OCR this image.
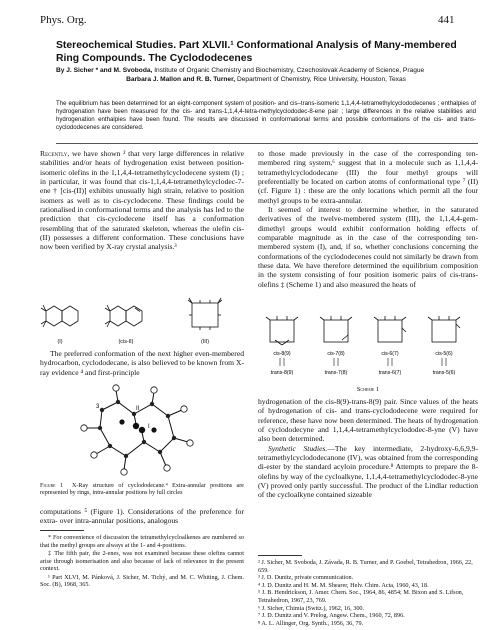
Phys. Org.	441
Stereochemical Studies. Part XLVII.¹ Conformational Analysis of Many-membered Ring Compounds. The Cyclododecenes
By J. Sicher * and M. Svoboda, Institute of Organic Chemistry and Biochemistry, Czechoslovak Academy of Science, Prague
Barbara J. Mallon and R. B. Turner, Department of Chemistry, Rice University, Houston, Texas
The equilibrium has been determined for an eight-component system of position- and cis–trans-isomeric 1,1,4,4-tetramethylcyclododecenes ; enthalpies of hydrogenation have been measured for the cis- and trans-1,1,4,4-tetra-methylcyclododec-8-ene pair ; large differences in the relative stabilities and hydrogenation enthalpies have been found. The results are discussed in conformational terms and possible conformations of the cis- and trans-cyclododecenes are considered.

Recently, we have shown ² that very large differences in relative stabilities and/or heats of hydrogenation exist between position-isomeric olefins in the 1,1,4,4-tetramethylcyclodecene system (I) ; in particular, it was found that cis-1,1,4,4-tetramethylcyclodec-7-ene † [cis-(II)] exhibits unusually high strain, relative to position isomers as well as to cis-cyclodecene. These findings could be rationalised in conformational terms and the analysis has led to the prediction that cis-cyclodecene itself has a conformation resembling that of the saturated skeleton, whereas the olefin cis-(II) possesses a different conformation. These conclusions have now been verified by X-ray crystal analysis.³

(I)	(cis-II)	(III)

The preferred conformation of the next higher even-membered hydrocarbon, cyclododecane, is also believed to be known from X-ray evidence ⁴ and first-principle

3	II
I
Figure 1 X-Ray structure of cyclododecane.⁴ Extra-annular positions are represented by rings, intra-annular positions by full circles

computations ⁵ (Figure 1). Considerations of the preference for extra- over intra-annular positions, analogous

* For convenience of discussion the tetramethylcycloalkenes are numbered so that the methyl groups are always at the 1- and 4-positions.

‡ The fifth pair, the 2-enes, was not examined because these olefins cannot arise through isomerisation and also because of lack of relevance in the present context.

¹ Part XLVI, M. Pánková, J. Sicher, M. Tichý, and M. C. Whiting, J. Chem. Soc. (B), 1968, 365.

to those made previously in the case of the corresponding ten-membered ring system,⁶ suggest that in a molecule such as 1,1,4,4-tetramethylcyclododecane (III) the four methyl groups will preferentially be located on carbon atoms of conformational type ⁷ (II) (cf. Figure 1) : these are the only locations which permit all the four methyl groups to be extra-annular.

It seemed of interest to determine whether, in the saturated derivatives of the twelve-membered system (III), the 1,1,4,4-gem-dimethyl groups would exhibit conformation holding effects of comparable magnitude as in the case of the corresponding ten-membered system (I), and, if so, whether conclusions concerning the conformations of the cyclododecenes could not similarly be drawn from these data. We have therefore determined the equilibrium composition in the system consisting of four position isomeric pairs of cis-trans-olefins ‡ (Scheme 1) and also measured the heats of

cis-8(9)	cis-7(8)	cis-6(7)	cis-5(6)
trans-8(9)	trans-7(8)	trans-6(7)	trans-5(6)
Scheme 1

hydrogenation of the cis-8(9)-trans-8(9) pair. Since values of the heats of hydrogenation of cis- and trans-cyclododecene were required for reference, these have now been determined. The heats of hydrogenation of cyclododecyne and 1,1,4,4-tetramethylcyclododec-8-yne (V) have also been determined.

Synthetic Studies.—The key intermediate, 2-hydroxy-6,6,9,9-tetramethylcyclododecanone (IV), was obtained from the corresponding di-ester by the standard acyloin procedure.⁸ Attempts to prepare the 8-olefins by way of the cycloalkyne, 1,1,4,4-tetramethylcyclododec-8-yne (V) proved only partly successful. The product of the Lindlar reduction of the cycloalkyne contained sizeable

² J. Sicher, M. Svoboda, J. Závada, R. B. Turner, and P. Goebel, Tetrahedron, 1966, 22, 659.
³ J. D. Dunitz, private communication.
⁴ J. D. Dunitz and H. M. M. Shearer, Helv. Chim. Acta, 1960, 43, 18.
⁵ J. B. Hendrickson, J. Amer. Chem. Soc., 1964, 86, 4854; M. Bixon and S. Lifson, Tetrahedron, 1967, 23, 769.
⁶ J. Sicher, Chimia (Switz.), 1962, 16, 300.
⁷ J. D. Dunitz and V. Prelog, Angew. Chem., 1960, 72, 896.
⁸ A. L. Allinger, Org. Synth., 1956, 36, 79.
